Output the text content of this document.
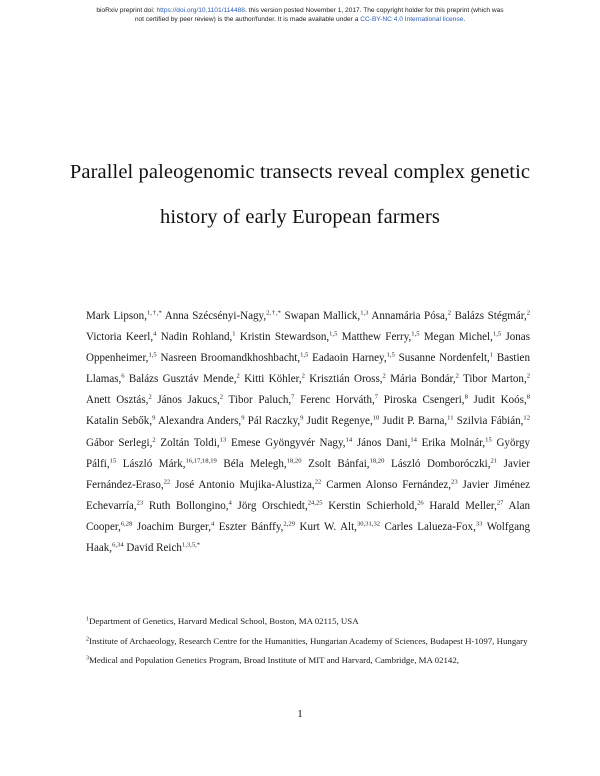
bioRxiv preprint doi: https://doi.org/10.1101/114488. this version posted November 1, 2017. The copyright holder for this preprint (which was
not certified by peer review) is the author/funder. It is made available under a CC-BY-NC 4.0 International license.
Parallel paleogenomic transects reveal complex genetic
history of early European farmers
Mark Lipson,$^{1,\dagger,*}$ Anna Szécsényi-Nagy,$^{2,\dagger,*}$ Swapan Mallick,$^{1,3}$ Annamária Pósa,$^2$ Balázs Stégmár,$^2$ Victoria Keerl,$^4$ Nadin Rohland,$^1$ Kristin Stewardson,$^{1,5}$ Matthew Ferry,$^{1,5}$ Megan Michel,$^{1,5}$ Jonas Oppenheimer,$^{1,5}$ Nasreen Broomandkhoshbacht,$^{1,5}$ Eadaoin Harney,$^{1,5}$ Susanne Nordenfelt,$^1$ Bastien Llamas,$^6$ Balázs Gusztáv Mende,$^2$ Kitti Köhler,$^2$ Krisztián Oross,$^2$ Mária Bondár,$^2$ Tibor Marton,$^2$ Anett Osztás,$^2$ János Jakucs,$^2$ Tibor Paluch,$^7$ Ferenc Horváth,$^7$ Piroska Csengeri,$^8$ Judit Koós,$^8$ Katalin Sebők,$^9$ Alexandra Anders,$^9$ Pál Raczky,$^9$ Judit Regenye,$^{10}$ Judit P. Barna,$^{11}$ Szilvia Fábián,$^{12}$ Gábor Serlegi,$^2$ Zoltán Toldi,$^{13}$ Emese Gyöngyvér Nagy,$^{14}$ János Dani,$^{14}$ Erika Molnár,$^{15}$ György Pálfi,$^{15}$ László Márk,$^{16,17,18,19}$ Béla Melegh,$^{18,20}$ Zsolt Bánfai,$^{18,20}$ László Domboróczki,$^{21}$ Javier Fernández-Eraso,$^{22}$ José Antonio Mujika-Alustiza,$^{22}$ Carmen Alonso Fernández,$^{23}$ Javier Jiménez Echevarría,$^{23}$ Ruth Bollongino,$^4$ Jörg Orschiedt,$^{24,25}$ Kerstin Schierhold,$^{26}$ Harald Meller,$^{27}$ Alan Cooper,$^{6,28}$ Joachim Burger,$^4$ Eszter Bánffy,$^{2,29}$ Kurt W. Alt,$^{30,31,32}$ Carles Lalueza-Fox,$^{33}$ Wolfgang Haak,$^{6,34}$ David Reich$^{1,3,5,*}$
$^1$Department of Genetics, Harvard Medical School, Boston, MA 02115, USA
$^2$Institute of Archaeology, Research Centre for the Humanities, Hungarian Academy of Sciences, Budapest H-1097, Hungary
$^3$Medical and Population Genetics Program, Broad Institute of MIT and Harvard, Cambridge, MA 02142,
1
